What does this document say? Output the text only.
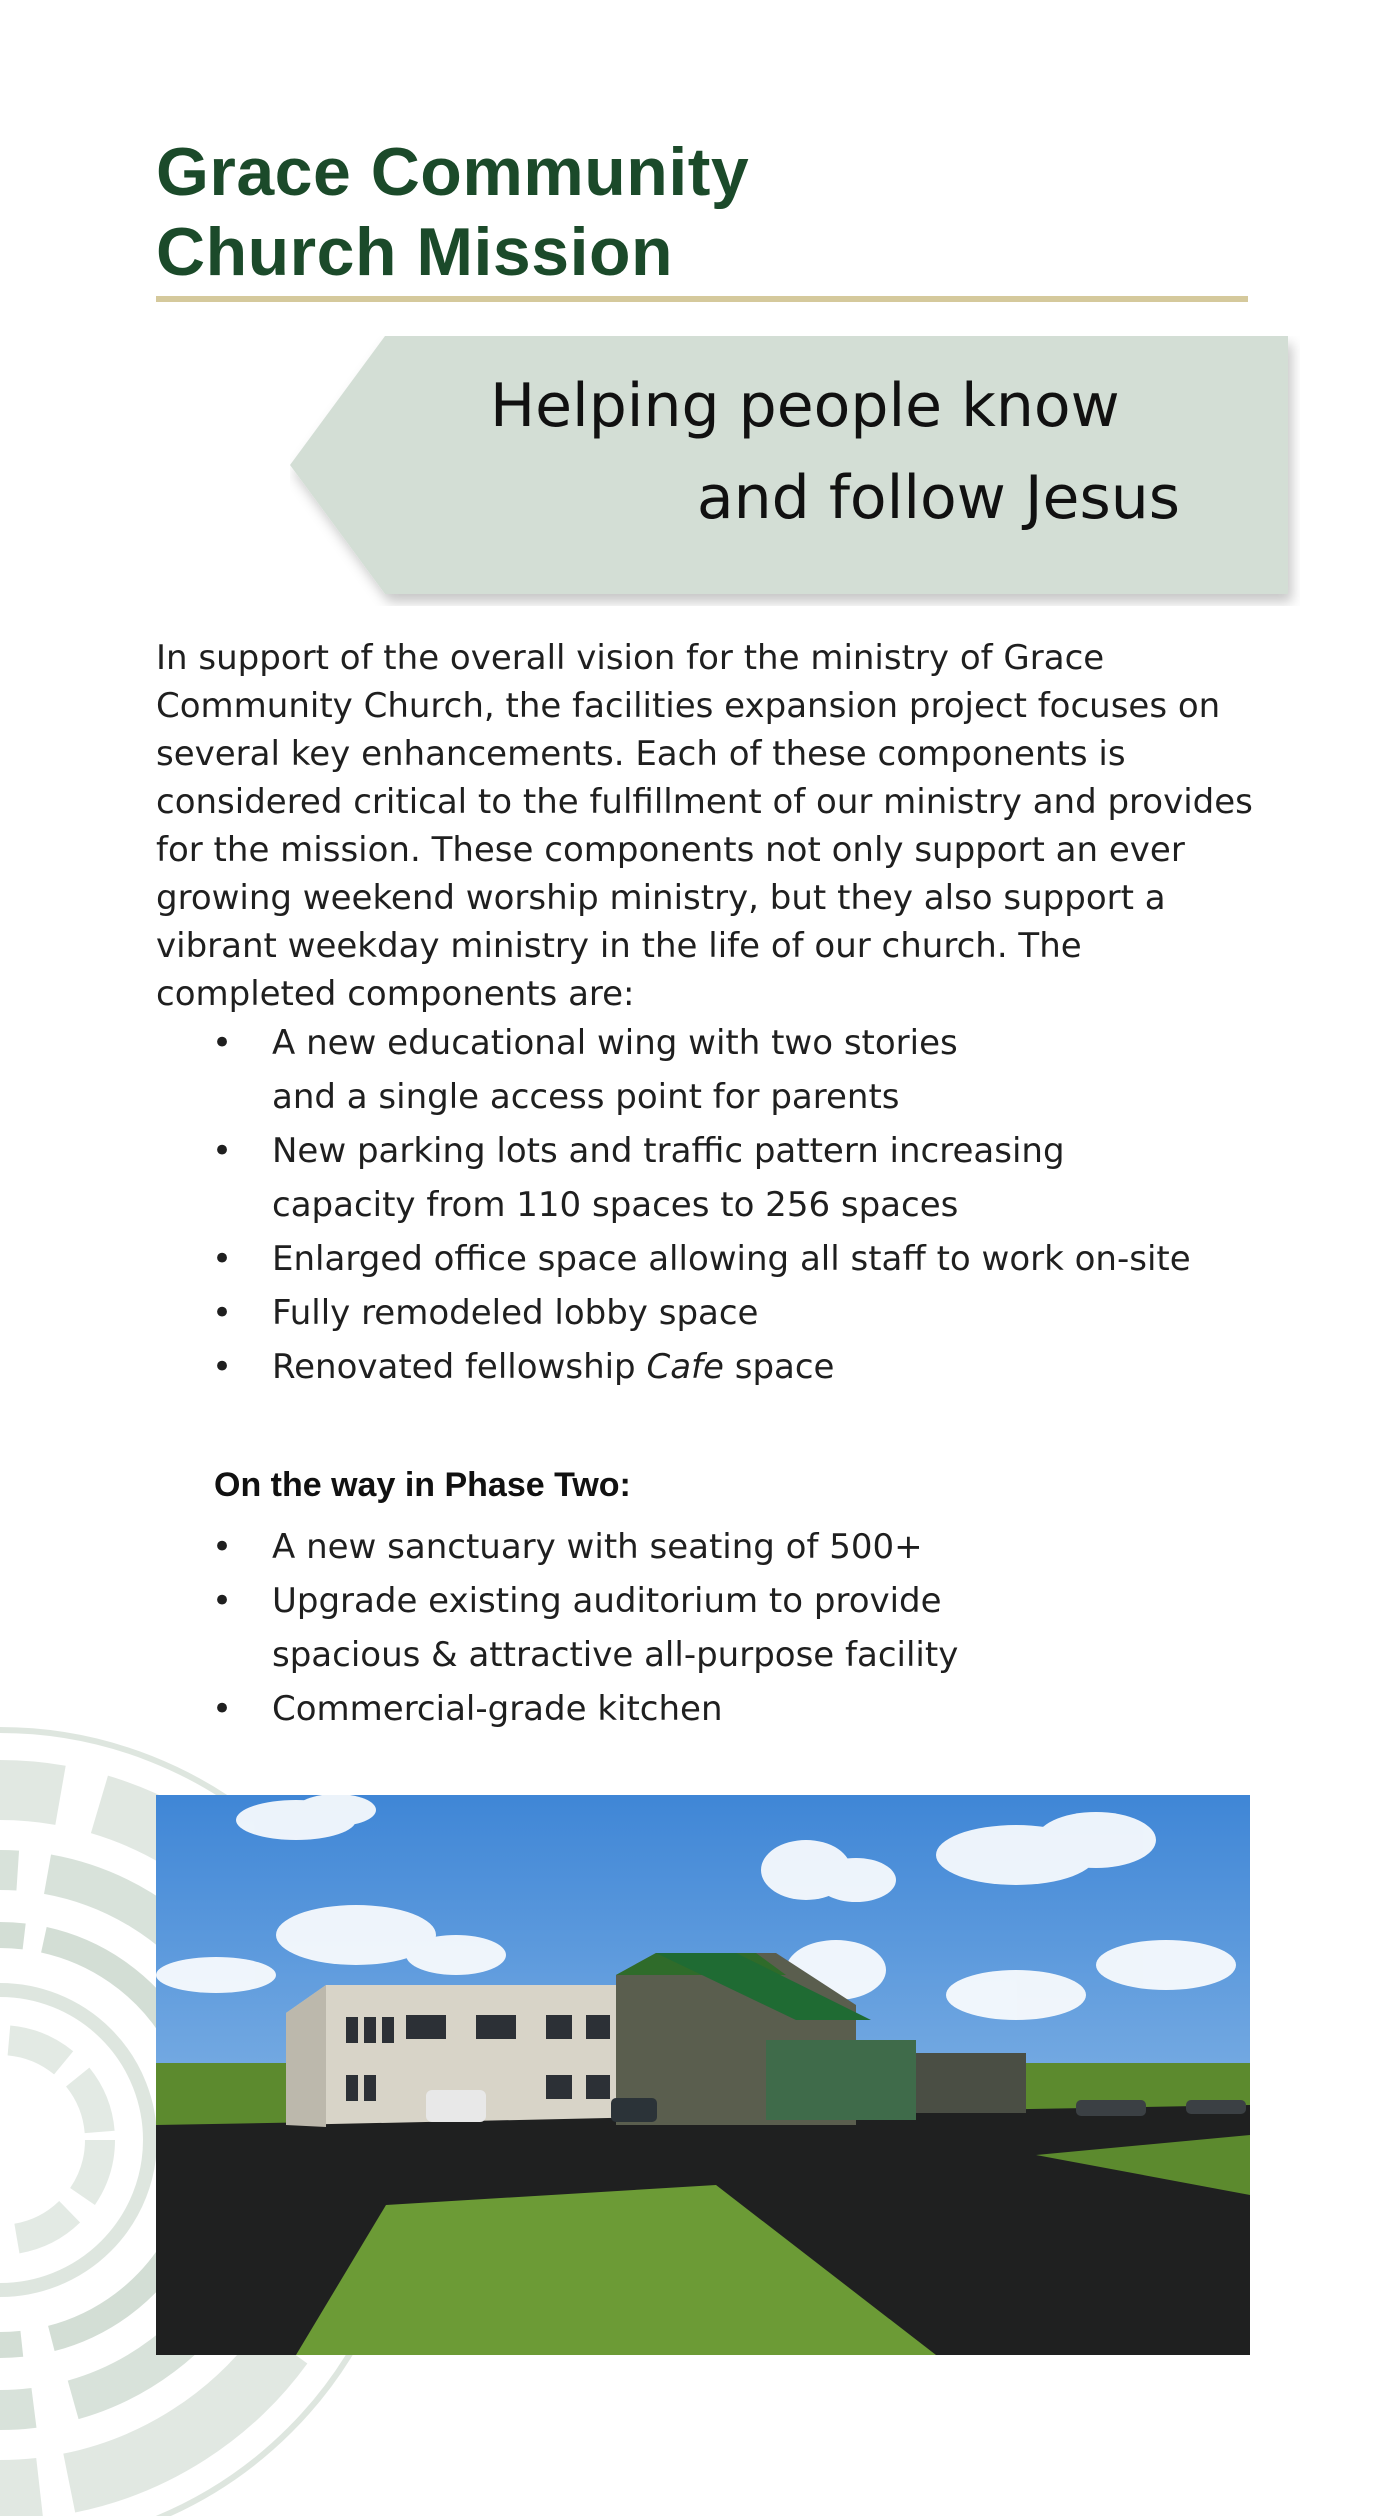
Grace Community
Church Mission
Helping people know
and follow Jesus

In support of the overall vision for the ministry of Grace Community Church, the facilities expansion project focuses on several key enhancements. Each of these components is considered critical to the fulfillment of our ministry and provides for the mission. These components not only support an ever growing weekend worship ministry, but they also support a vibrant weekday ministry in the life of our church. The completed components are:

• A new educational wing with two stories
and a single access point for parents
• New parking lots and traffic pattern increasing
capacity from 110 spaces to 256 spaces
• Enlarged office space allowing all staff to work on-site
• Fully remodeled lobby space
• Renovated fellowship Cafe space
On the way in Phase Two:
• A new sanctuary with seating of 500+
• Upgrade existing auditorium to provide
spacious & attractive all-purpose facility
• Commercial-grade kitchen
